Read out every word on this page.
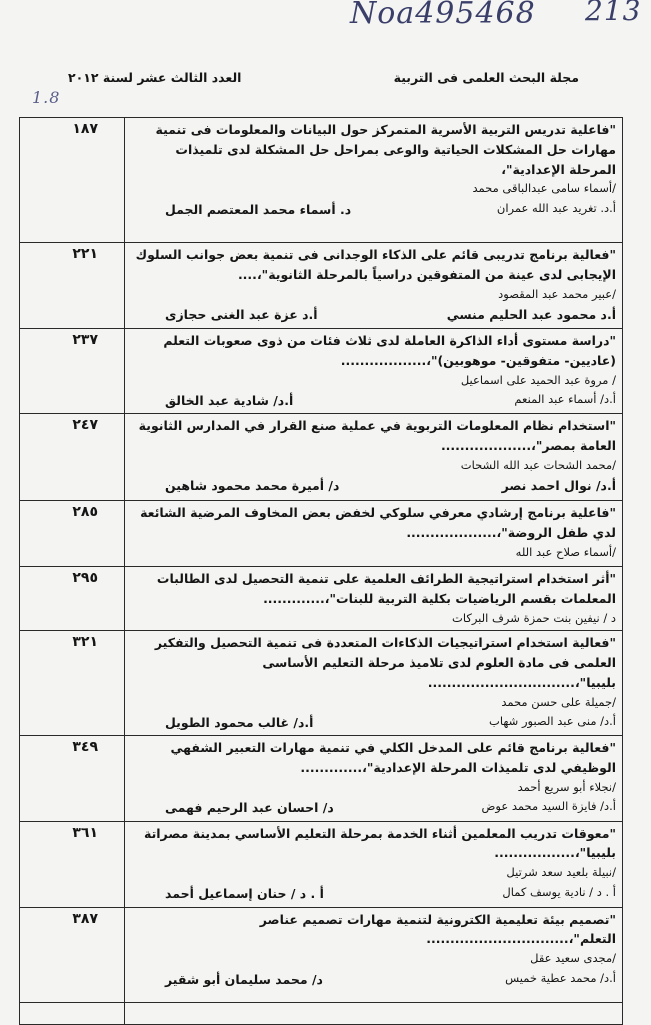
Noa495468 213
1.8
مجلة البحث العلمى فى التربية
العدد الثالث عشر لسنة ٢٠١٢
١٨٧	"فاعلية تدريس التربية الأسرية المتمركز حول البيانات والمعلومات فى تنمية مهارات حل المشكلات الحياتية والوعى بمراحل حل المشكلة لدى تلميذات المرحلة الإعدادية"،

/أسماء سامى عبدالباقى محمد

أ.د. تغريد عبد الله عمران
د. أسماء محمد المعتصم الجمل

٢٢١	"فعالية برنامج تدريبى قائم على الذكاء الوجدانى فى تنمية بعض جوانب السلوك الإيجابى لدى عينة من المتفوقين دراسياً بالمرحلة الثانوية"،....

/عبير محمد عبد المقصود

أ.د محمود عبد الحليم منسي
أ.د عزة عبد الغنى حجازى

٢٣٧	"دراسة مستوى أداء الذاكرة العاملة لدى ثلاث فئات من ذوى صعوبات التعلم (عاديين- متفوقين- موهوبين)"،..................

/ مروة عبد الحميد على اسماعيل

أ.د/ أسماء عبد المنعم
أ.د/ شادية عبد الخالق

٢٤٧	"استخدام نظام المعلومات التربوية في عملية صنع القرار في المدارس الثانوية العامة بمصر"،...................

/محمد الشحات عبد الله الشحات

أ.د/ نوال احمد نصر
د/ أميرة محمد محمود شاهين

٢٨٥	"فاعلية برنامج إرشادي معرفي سلوكي لخفض بعض المخاوف المرضية الشائعة لدي طفل الروضة"،...................

/أسماء صلاح عبد الله

٢٩٥	"أثر استخدام استراتيجية الطرائف العلمية على تنمية التحصيل لدى الطالبات المعلمات بقسم الرياضيات بكلية التربية للبنات"،.............

د / نيفين بنت حمزة شرف البركات

٣٢١	"فعالية استخدام استراتيجيات الذكاءات المتعددة فى تنمية التحصيل والتفكير العلمى فى مادة العلوم لدى تلاميذ مرحلة التعليم الأساسى بليبيا"،...............................

/جميلة على حسن محمد

أ.د/ منى عبد الصبور شهاب
أ.د/ غالب محمود الطويل

٣٤٩	"فعالية برنامج قائم على المدخل الكلي في تنمية مهارات التعبير الشفهي الوظيفي لدى تلميذات المرحلة الإعدادية"،.............

/نجلاء أبو سريع أحمد

أ.د/ فايزة السيد محمد عوض
د/ احسان عبد الرحيم فهمى

٣٦١	"معوقات تدريب المعلمين أثناء الخدمة بمرحلة التعليم الأساسي بمدينة مصراتة بليبيا"،.................

/نبيلة بلعيد سعد شرتيل

أ . د / نادية يوسف كمال
أ . د / حنان إسماعيل أحمد

٣٨٧	"تصميم بيئة تعليمية الكترونية لتنمية مهارات تصميم عناصر التعلم"،..............................

/مجدى سعيد عقل

أ.د/ محمد عطية خميس
د/ محمد سليمان أبو شقير
